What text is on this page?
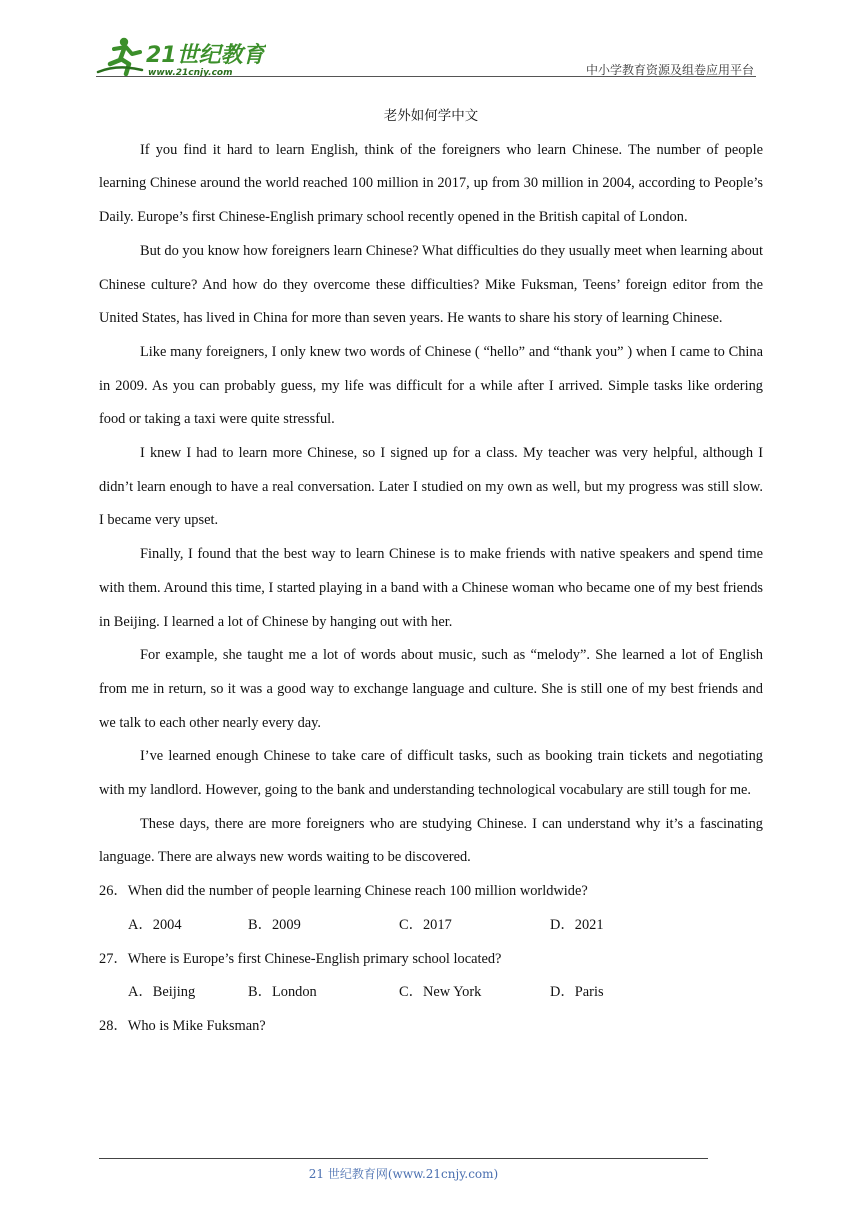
21世纪教育
www.21cnjy.com	中小学教育资源及组卷应用平台

老外如何学中文

If you find it hard to learn English, think of the foreigners who learn Chinese. The number of people learning Chinese around the world reached 100 million in 2017, up from 30 million in 2004, according to People’s Daily. Europe’s first Chinese-English primary school recently opened in the British capital of London.

But do you know how foreigners learn Chinese? What difficulties do they usually meet when learning about Chinese culture? And how do they overcome these difficulties? Mike Fuksman, Teens’ foreign editor from the United States, has lived in China for more than seven years. He wants to share his story of learning Chinese.

Like many foreigners, I only knew two words of Chinese ( “hello” and “thank you” ) when I came to China in 2009. As you can probably guess, my life was difficult for a while after I arrived. Simple tasks like ordering food or taking a taxi were quite stressful.

I knew I had to learn more Chinese, so I signed up for a class. My teacher was very helpful, although I didn’t learn enough to have a real conversation. Later I studied on my own as well, but my progress was still slow. I became very upset.

Finally, I found that the best way to learn Chinese is to make friends with native speakers and spend time with them. Around this time, I started playing in a band with a Chinese woman who became one of my best friends in Beijing. I learned a lot of Chinese by hanging out with her.

For example, she taught me a lot of words about music, such as “melody”. She learned a lot of English from me in return, so it was a good way to exchange language and culture. She is still one of my best friends and we talk to each other nearly every day.

I’ve learned enough Chinese to take care of difficult tasks, such as booking train tickets and negotiating with my landlord. However, going to the bank and understanding technological vocabulary are still tough for me.

These days, there are more foreigners who are studying Chinese. I can understand why it’s a fascinating language. There are always new words waiting to be discovered.

26．When did the number of people learning Chinese reach 100 million worldwide?

A．2004	B．2009	C．2017	D．2021

27．Where is Europe’s first Chinese-English primary school located?

A．Beijing	B．London	C．New York	D．Paris

28．Who is Mike Fuksman?

21 世纪教育网(www.21cnjy.com)
